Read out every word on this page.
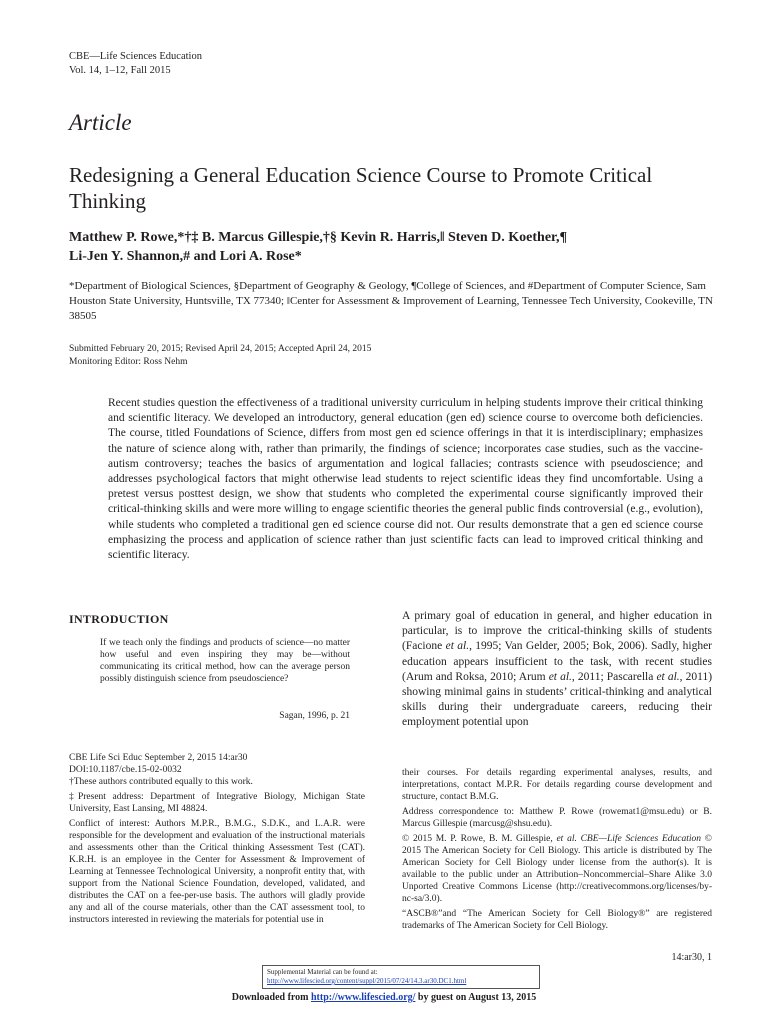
CBE—Life Sciences Education
Vol. 14, 1–12, Fall 2015
Article
Redesigning a General Education Science Course to Promote Critical Thinking
Matthew P. Rowe,*†‡ B. Marcus Gillespie,†§ Kevin R. Harris,‖ Steven D. Koether,¶
Li-Jen Y. Shannon,# and Lori A. Rose*
*Department of Biological Sciences, §Department of Geography & Geology, ¶College of Sciences, and #Department of Computer Science, Sam Houston State University, Huntsville, TX 77340; ‖Center for Assessment & Improvement of Learning, Tennessee Tech University, Cookeville, TN 38505
Submitted February 20, 2015; Revised April 24, 2015; Accepted April 24, 2015
Monitoring Editor: Ross Nehm
Recent studies question the effectiveness of a traditional university curriculum in helping students improve their critical thinking and scientific literacy. We developed an introductory, general education (gen ed) science course to overcome both deficiencies. The course, titled Foundations of Science, differs from most gen ed science offerings in that it is interdisciplinary; emphasizes the nature of science along with, rather than primarily, the findings of science; incorporates case studies, such as the vaccine-autism controversy; teaches the basics of argumentation and logical fallacies; contrasts science with pseudoscience; and addresses psychological factors that might otherwise lead students to reject scientific ideas they find uncomfortable. Using a pretest versus posttest design, we show that students who completed the experimental course significantly improved their critical-thinking skills and were more willing to engage scientific theories the general public finds controversial (e.g., evolution), while students who completed a traditional gen ed science course did not. Our results demonstrate that a gen ed science course emphasizing the process and application of science rather than just scientific facts can lead to improved critical thinking and scientific literacy.
INTRODUCTION
If we teach only the findings and products of science—no matter how useful and even inspiring they may be—without communicating its critical method, how can the average person possibly distinguish science from pseudoscience?
Sagan, 1996, p. 21
A primary goal of education in general, and higher education in particular, is to improve the critical-thinking skills of students (Facione et al., 1995; Van Gelder, 2005; Bok, 2006). Sadly, higher education appears insufficient to the task, with recent studies (Arum and Roksa, 2010; Arum et al., 2011; Pascarella et al., 2011) showing minimal gains in students’ critical-thinking and analytical skills during their undergraduate careers, reducing their employment potential upon

CBE Life Sci Educ September 2, 2015 14:ar30

DOI:10.1187/cbe.15-02-0032

†These authors contributed equally to this work.

‡Present address: Department of Integrative Biology, Michigan State University, East Lansing, MI 48824.

Conflict of interest: Authors M.P.R., B.M.G., S.D.K., and L.A.R. were responsible for the development and evaluation of the instructional materials and assessments other than the Critical thinking Assessment Test (CAT). K.R.H. is an employee in the Center for Assessment & Improvement of Learning at Tennessee Technological University, a nonprofit entity that, with support from the National Science Foundation, developed, validated, and distributes the CAT on a fee-per-use basis. The authors will gladly provide any and all of the course materials, other than the CAT assessment tool, to instructors interested in reviewing the materials for potential use in

their courses. For details regarding experimental analyses, results, and interpretations, contact M.P.R. For details regarding course development and structure, contact B.M.G.

Address correspondence to: Matthew P. Rowe (rowemat1@msu.edu) or B. Marcus Gillespie (marcusg@shsu.edu).

© 2015 M. P. Rowe, B. M. Gillespie, et al. CBE—Life Sciences Education © 2015 The American Society for Cell Biology. This article is distributed by The American Society for Cell Biology under license from the author(s). It is available to the public under an Attribution–Noncommercial–Share Alike 3.0 Unported Creative Commons License (http://creativecommons.org/licenses/by-nc-sa/3.0).

“ASCB®”and “The American Society for Cell Biology®” are registered trademarks of The American Society for Cell Biology.

14:ar30, 1
Supplemental Material can be found at:
http://www.lifescied.org/content/suppl/2015/07/24/14.3.ar30.DC1.html
Downloaded from http://www.lifescied.org/ by guest on August 13, 2015
